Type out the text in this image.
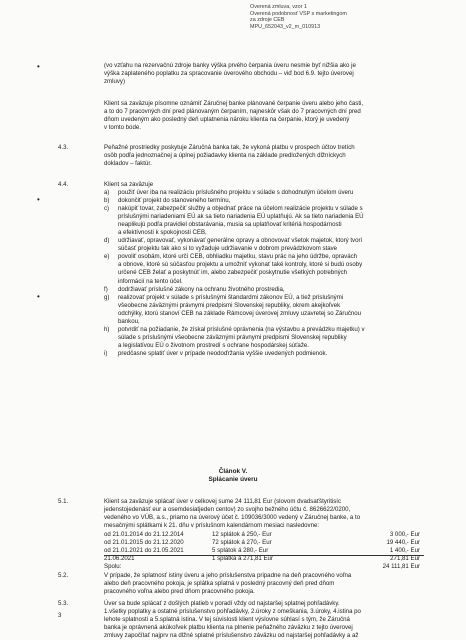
Overená zmluva, vzor 1
Overená podobnosť VSP s marketingom
za zdroje CEB
MPU_652043_v2_m_010913
•
•
•
(vo vzťahu na rezervačnú zdroje banky výška prvého čerpania úveru nesmie byť nižšia ako je
výška zaplateného poplatku za spracovanie úverového obchodu – viď bod 6.9. tejto úverovej
zmluvy)
Klient sa zaväzuje písomne oznámiť Záručnej banke plánované čerpanie úveru alebo jeho časti,
a to do 7 pracovných dní pred plánovaným čerpaním, najneskôr však do 7 pracovných dní pred
dňom uvedeným ako posledný deň uplatnenia nároku klienta na čerpanie, ktorý je uvedený
v tomto bode.
4.3.	Peňažné prostriedky poskytuje Záručná banka tak, že vykoná platbu v prospech účtov tretích
osôb podľa jednoznačnej a úplnej požiadavky klienta na základe predložených dlžníckych
dokladov – faktúr.
4.4.	Klient sa zaväzuje
a) použiť úver iba na realizáciu príslušného projektu v súlade s dohodnutým účelom úveru
b) dokončiť projekt do stanoveného termínu,
c) nakúpiť tovar, zabezpečiť služby a objednať práce na účelom realizácie projektu v súlade s
príslušnými nariadeniami EÚ ak sa tieto nariadenia EÚ uplatňujú. Ak sa tieto nariadenia EÚ
neaplikujú podľa pravidiel obstarávania, musia sa uplatňovať kritériá hospodárnosti
a efektívnosti k spokojnosti CEB,
d) udržiavať, opravovať, vykonávať generálne opravy a obnovovať všetok majetok, ktorý tvorí
súčasť projektu tak ako si to vyžaduje udržiavanie v dobrom prevádzkovom stave
e) povoliť osobám, ktoré určí CEB, obhliadku majetku, stavu prác na jeho údržbe, opravách
a obnove, ktoré sú súčasťou projektu a umožniť vykonať také kontroly, ktoré si budú osoby
určené CEB želať a poskytnúť im, alebo zabezpečiť poskytnutie všetkých potrebných
informácií na tento účel.
f) dodržiavať príslušné zákony na ochranu životného prostredia,
g) realizovať projekt v súlade s príslušnými štandardmi zákonov EÚ, a tiež príslušnými
všeobecne záväznými právnymi predpismi Slovenskej republiky, okrem akejkoľvek
odchýlky, ktorú stanoví CEB na základe Rámcovej úverovej zmluvy uzavretej so Záručnou
bankou,
h) potvrdiť na požiadanie, že získal príslušné oprávnenia (na výstavbu a prevádzku majetku) v
súlade s príslušnými všeobecne záväznými právnymi predpismi Slovenskej republiky
a legislatívou EÚ o životnom prostredí s ochrane hospodárskej súťaže.
i) predčasne splatiť úver v prípade neodoďržania vyššie uvedených podmienok.
Článok V.
Splácanie úveru
5.1.	Klient sa zaväzuje splácať úver v celkovej sume 24 111,81 Eur (slovom dvadsaťštyritisíc
jedenstojedenásť eur a osemdesiatjeden centov) zo svojho bežného účtu č. 8626622/0200,
vedeného vo VÚB, a.s., priamo na úverový účet č. 109036/3000 vedený v Záručnej banke, a to
mesačnými splátkami k 21. dňu v príslušnom kalendárnom mesiaci nasledovne:
od 21.01.2014 do 21.12.2014	12 splátok á 250,- Eur	3 000,- Eur
od 21.01.2015 do 21.12.2020	72 splátok á 270,- Eur	19 440,- Eur
od 21.01.2021 do 21.05.2021	5 splátok á 280,- Eur	1 400,- Eur
21.06.2021	1 splátka á 271,81 Eur	271,81 Eur
Spolu:	24 111,81 Eur
5.2.	V prípade, že splatnosť istiny úveru a jeho príslušenstva pripadne na deň pracovného voľna
alebo deň pracovného pokoja, je splátka splatná v posledný pracovný deň pred dňom
pracovného voľna alebo pred dňom pracovného pokoja.
5.3.	Úver sa bude splácať z došlých platieb v poradí vždy od najstaršej splatnej pohľadávky.
1.všetky poplatky a ostatné príslušenstvo pohľadávky, 2.úroky z omeškania, 3.úroky, 4.istina po
lehote splatnosti a 5.splatná istina. V tej súvislosti klient výslovne súhlasí s tým, že Záručná
banka je oprávnená akúkoľvek platbu klienta na plnenie peňažného záväzku z tejto úverovej
zmluvy započítať najprv na dlžné splatné príslušenstvo záväzku od najstaršej pohľadávky a až
3
